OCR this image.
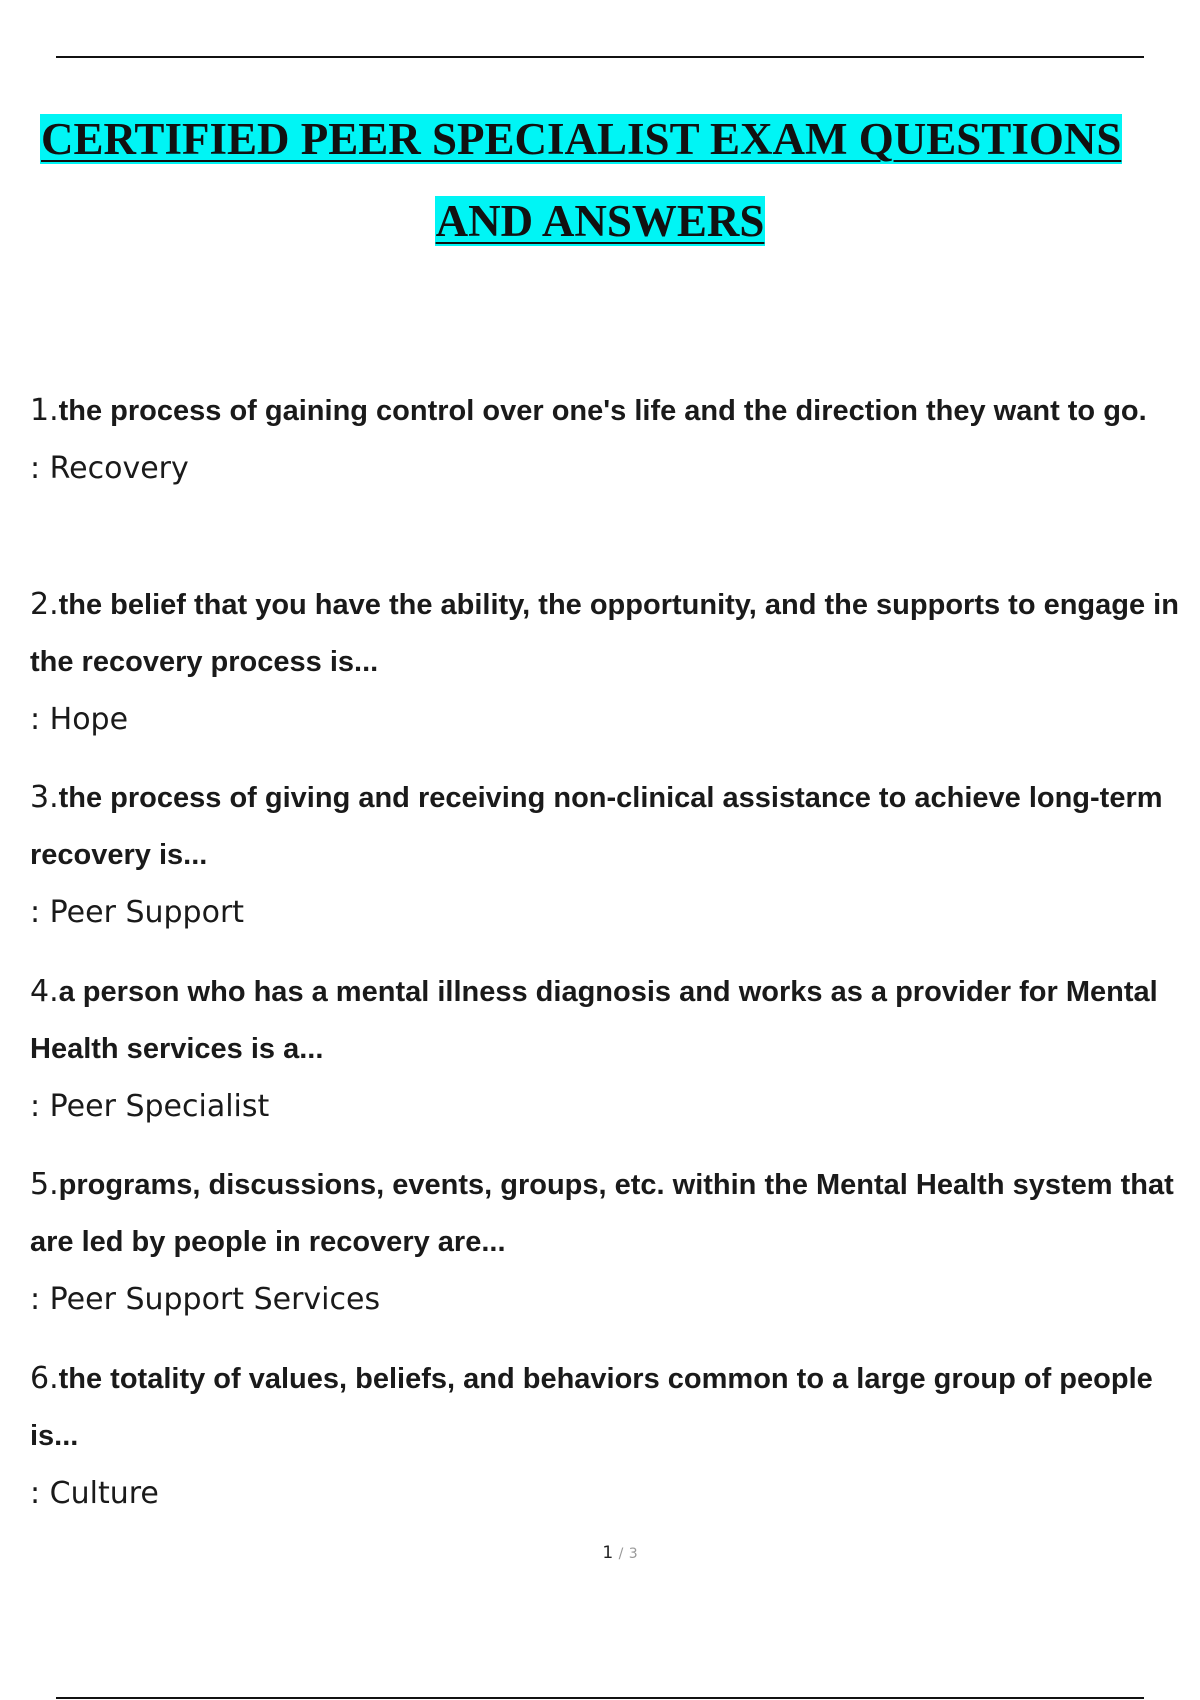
CERTIFIED PEER SPECIALIST EXAM QUESTIONS
AND ANSWERS

1.the process of gaining control over one's life and the direction they want to go.

: Recovery

2.the belief that you have the ability, the opportunity, and the supports to engage in the recovery process is...

: Hope

3.the process of giving and receiving non-clinical assistance to achieve long-term recovery is...

: Peer Support

4.a person who has a mental illness diagnosis and works as a provider for Mental Health services is a...

: Peer Specialist

5.programs, discussions, events, groups, etc. within the Mental Health system that are led by people in recovery are...

: Peer Support Services

6.the totality of values, beliefs, and behaviors common to a large group of people is...

: Culture
1 / 3
